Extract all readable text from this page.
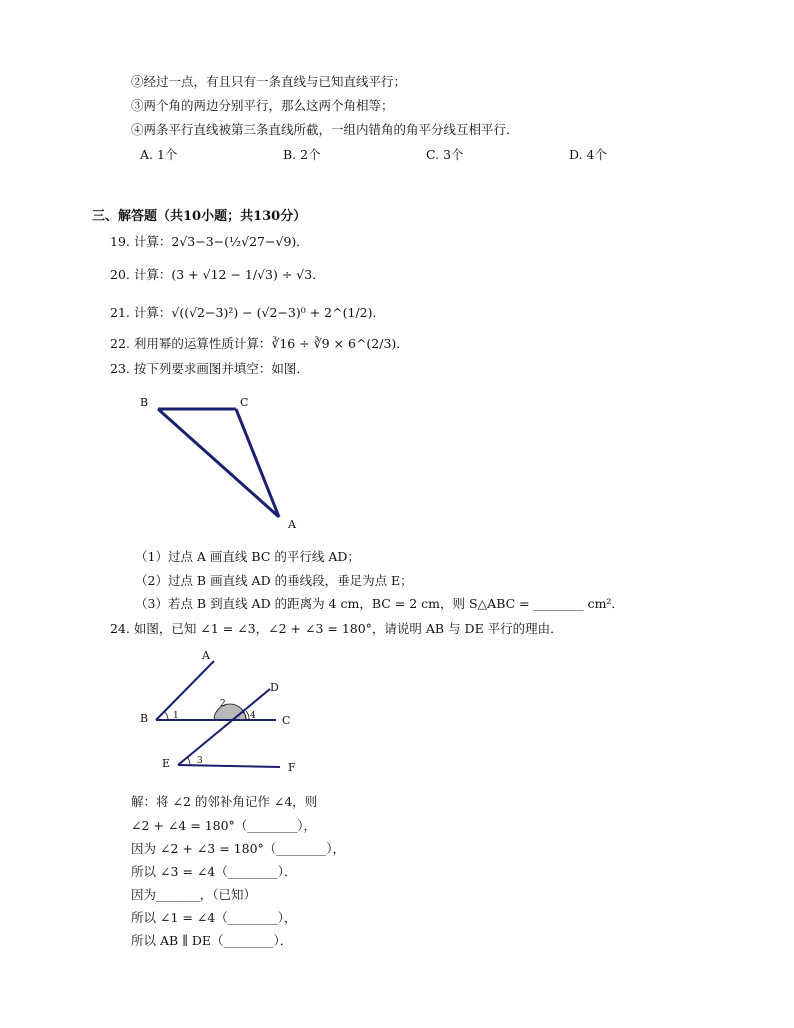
②经过一点，有且只有一条直线与已知直线平行；
③两个角的两边分别平行，那么这两个角相等；
④两条平行直线被第三条直线所截，一组内错角的角平分线互相平行．
A. 1个	B. 2个	C. 3个	D. 4个
三、解答题（共10小题；共130分）
19. 计算：2√3−3−(½√27−√9)．
20. 计算：(3 + √12 − 1/√3) ÷ √3．
21. 计算：√((√2−3)²) − (√2−3)⁰ + 2^(1/2)．
22. 利用幂的运算性质计算：∛16 ÷ ∛9 × 6^(2/3)．
23. 按下列要求画图并填空：如图．
B	C
A
（1）过点 A 画直线 BC 的平行线 AD；
（2）过点 B 画直线 AD 的垂线段，垂足为点 E；
（3）若点 B 到直线 AD 的距离为 4 cm，BC = 2 cm，则 S△ABC = ________ cm²．
24. 如图，已知 ∠1 = ∠3，∠2 + ∠3 = 180°，请说明 AB 与 DE 平行的理由．
A
B	C
D
E	F
1
2
4
3
解：将 ∠2 的邻补角记作 ∠4，则
∠2 + ∠4 = 180°（________），
因为 ∠2 + ∠3 = 180°（________），
所以 ∠3 = ∠4（________）．
因为_______，（已知）
所以 ∠1 = ∠4（________），
所以 AB ∥ DE（________）．
